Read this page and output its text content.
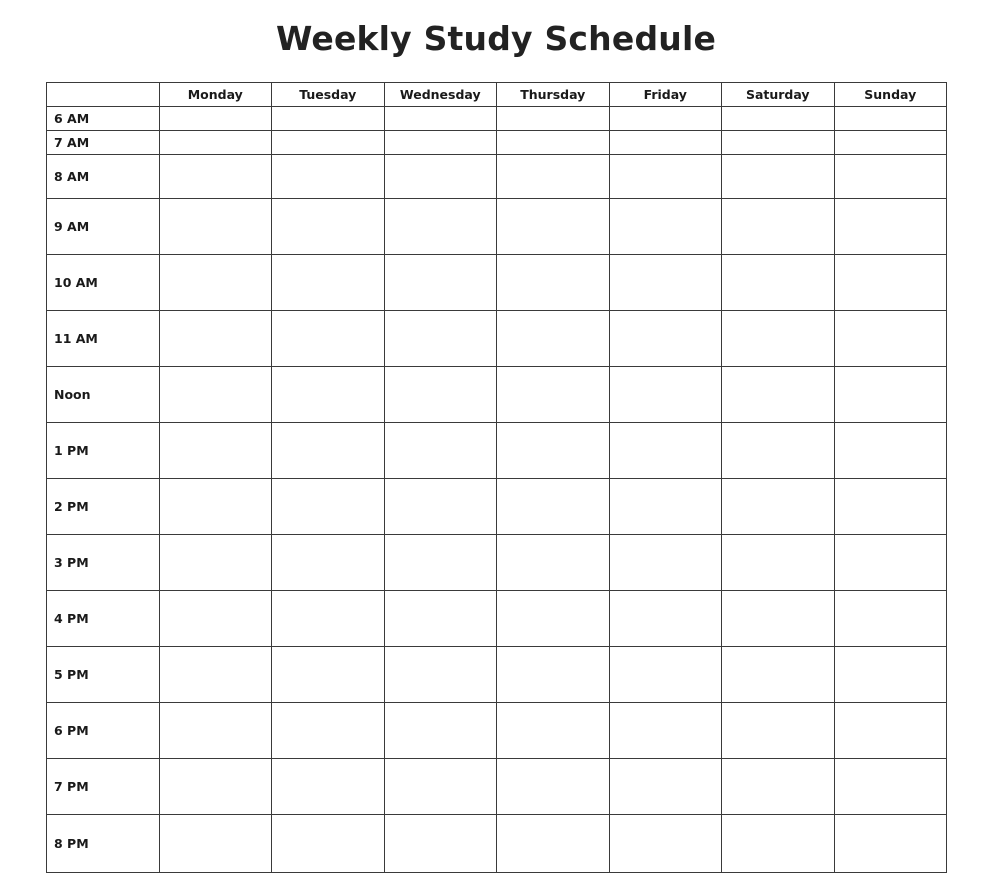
Weekly Study Schedule
	Monday	Tuesday	Wednesday	Thursday	Friday	Saturday	Sunday
6 AM							
7 AM							
8 AM							
9 AM							
10 AM							
11 AM							
Noon							
1 PM							
2 PM							
3 PM							
4 PM							
5 PM							
6 PM							
7 PM							
8 PM							
